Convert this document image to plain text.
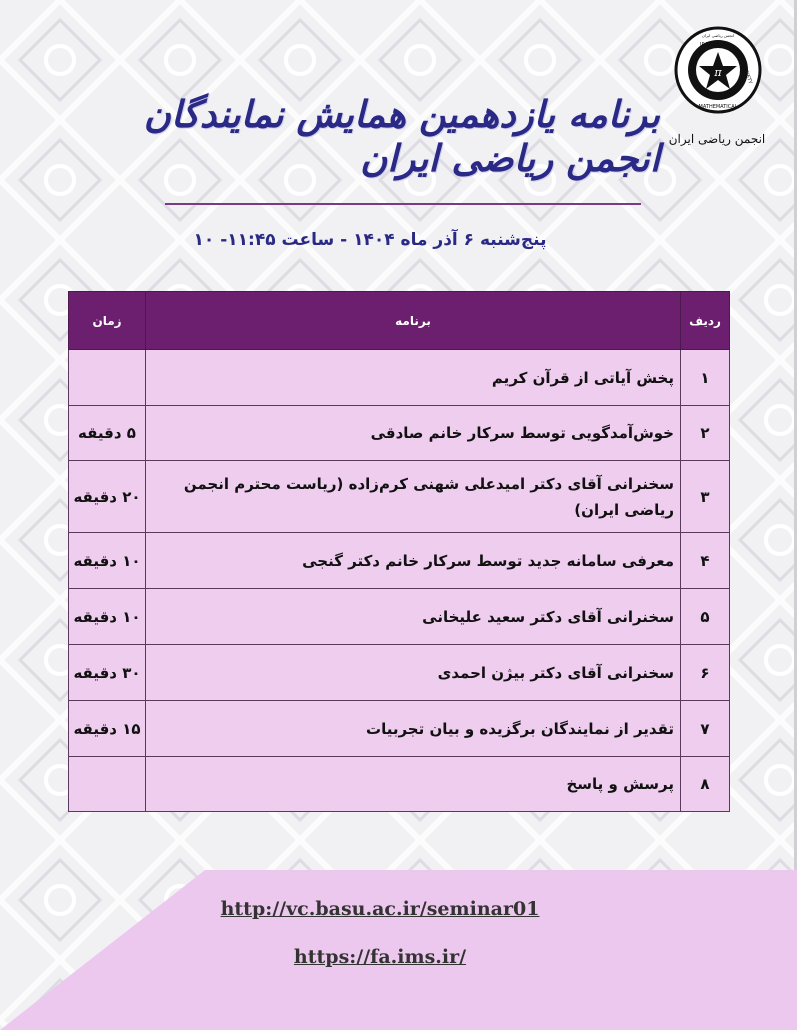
π
IRANIAN
SOCIETY
MATHEMATICAL
انجمن ریاضی ایران
انجمن ریاضی ایران
برنامه یازدهمین همایش نمایندگان انجمن ریاضی ایران
پنج‌شنبه ۶ آذر ماه ۱۴۰۴ - ساعت ۱۱:۴۵- ۱۰
ردیف	برنامه	زمان
۱	پخش آیاتی از قرآن کریم	
۲	خوش‌آمدگویی توسط سرکار خانم صادقی	۵ دقیقه
۳	سخنرانی آقای دکتر امیدعلی شهنی کرم‌زاده (ریاست محترم انجمن ریاضی ایران)	۲۰ دقیقه
۴	معرفی سامانه جدید توسط سرکار خانم دکتر گنجی	۱۰ دقیقه
۵	سخنرانی آقای دکتر سعید علیخانی	۱۰ دقیقه
۶	سخنرانی آقای دکتر بیژن احمدی	۳۰ دقیقه
۷	تقدیر از نمایندگان برگزیده و بیان تجربیات	۱۵ دقیقه
۸	پرسش و پاسخ	
http://vc.basu.ac.ir/seminar01
https://fa.ims.ir/
